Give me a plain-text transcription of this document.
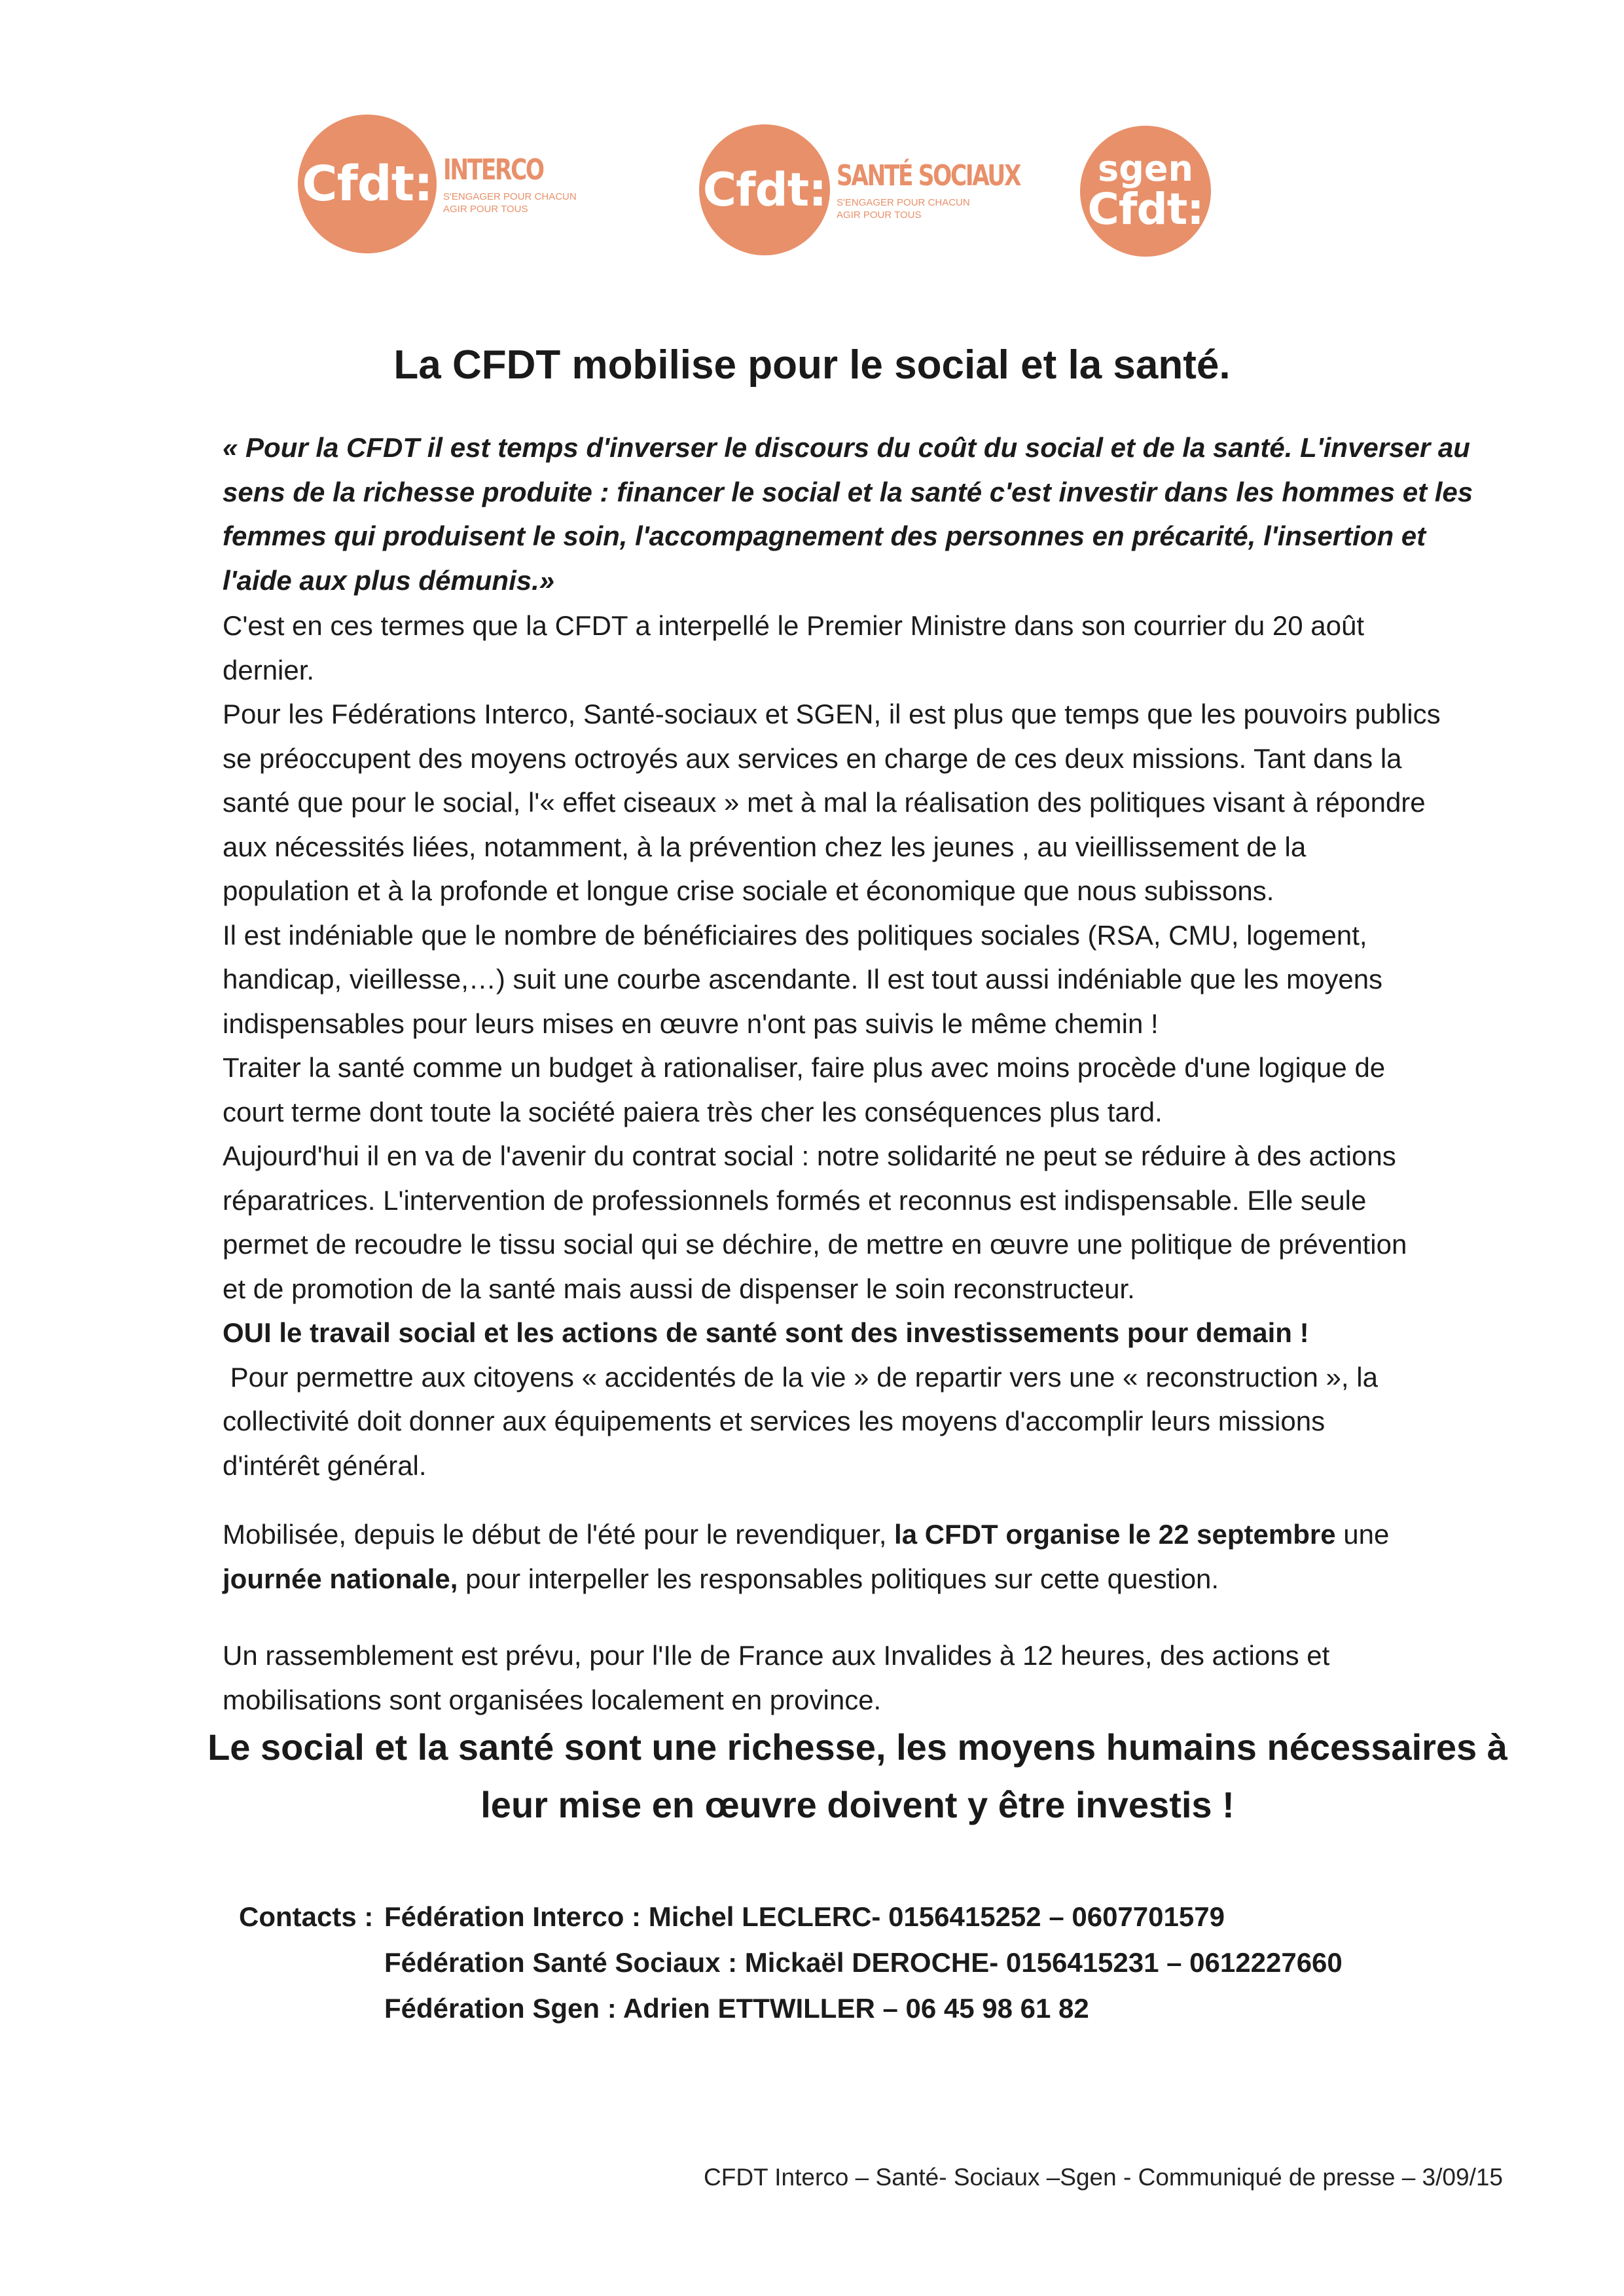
Cfdt: INTERCO
S'ENGAGER POUR CHACUN
AGIR POUR TOUS	Cfdt: SANTÉ SOCIAUX
S'ENGAGER POUR CHACUN
AGIR POUR TOUS
sgen
Cfdt:
La CFDT mobilise pour le social et la santé.
« Pour la CFDT il est temps d'inverser le discours du coût du social et de la santé. L'inverser au
sens de la richesse produite : financer le social et la santé c'est investir dans les hommes et les
femmes qui produisent le soin, l'accompagnement des personnes en précarité, l'insertion et
l'aide aux plus démunis.»
C'est en ces termes que la CFDT a interpellé le Premier Ministre dans son courrier du 20 août
dernier.
Pour les Fédérations Interco, Santé-sociaux et SGEN, il est plus que temps que les pouvoirs publics
se préoccupent des moyens octroyés aux services en charge de ces deux missions. Tant dans la
santé que pour le social, l'« effet ciseaux » met à mal la réalisation des politiques visant à répondre
aux nécessités liées, notamment, à la prévention chez les jeunes , au vieillissement de la
population et à la profonde et longue crise sociale et économique que nous subissons.
Il est indéniable que le nombre de bénéficiaires des politiques sociales (RSA, CMU, logement,
handicap, vieillesse,…) suit une courbe ascendante. Il est tout aussi indéniable que les moyens
indispensables pour leurs mises en œuvre n'ont pas suivis le même chemin !
Traiter la santé comme un budget à rationaliser, faire plus avec moins procède d'une logique de
court terme dont toute la société paiera très cher les conséquences plus tard.
Aujourd'hui il en va de l'avenir du contrat social : notre solidarité ne peut se réduire à des actions
réparatrices. L'intervention de professionnels formés et reconnus est indispensable. Elle seule
permet de recoudre le tissu social qui se déchire, de mettre en œuvre une politique de prévention
et de promotion de la santé mais aussi de dispenser le soin reconstructeur.
OUI le travail social et les actions de santé sont des investissements pour demain !
Pour permettre aux citoyens « accidentés de la vie » de repartir vers une « reconstruction », la
collectivité doit donner aux équipements et services les moyens d'accomplir leurs missions
d'intérêt général.
Mobilisée, depuis le début de l'été pour le revendiquer, la CFDT organise le 22 septembre une
journée nationale, pour interpeller les responsables politiques sur cette question.
Un rassemblement est prévu, pour l'Ile de France aux Invalides à 12 heures, des actions et
mobilisations sont organisées localement en province.
Le social et la santé sont une richesse, les moyens humains nécessaires à
leur mise en œuvre doivent y être investis !
Contacts : Fédération Interco : Michel LECLERC- 0156415252 – 0607701579
Fédération Santé Sociaux : Mickaël DEROCHE- 0156415231 – 0612227660
Fédération Sgen : Adrien ETTWILLER – 06 45 98 61 82
CFDT Interco – Santé- Sociaux –Sgen - Communiqué de presse – 3/09/15
